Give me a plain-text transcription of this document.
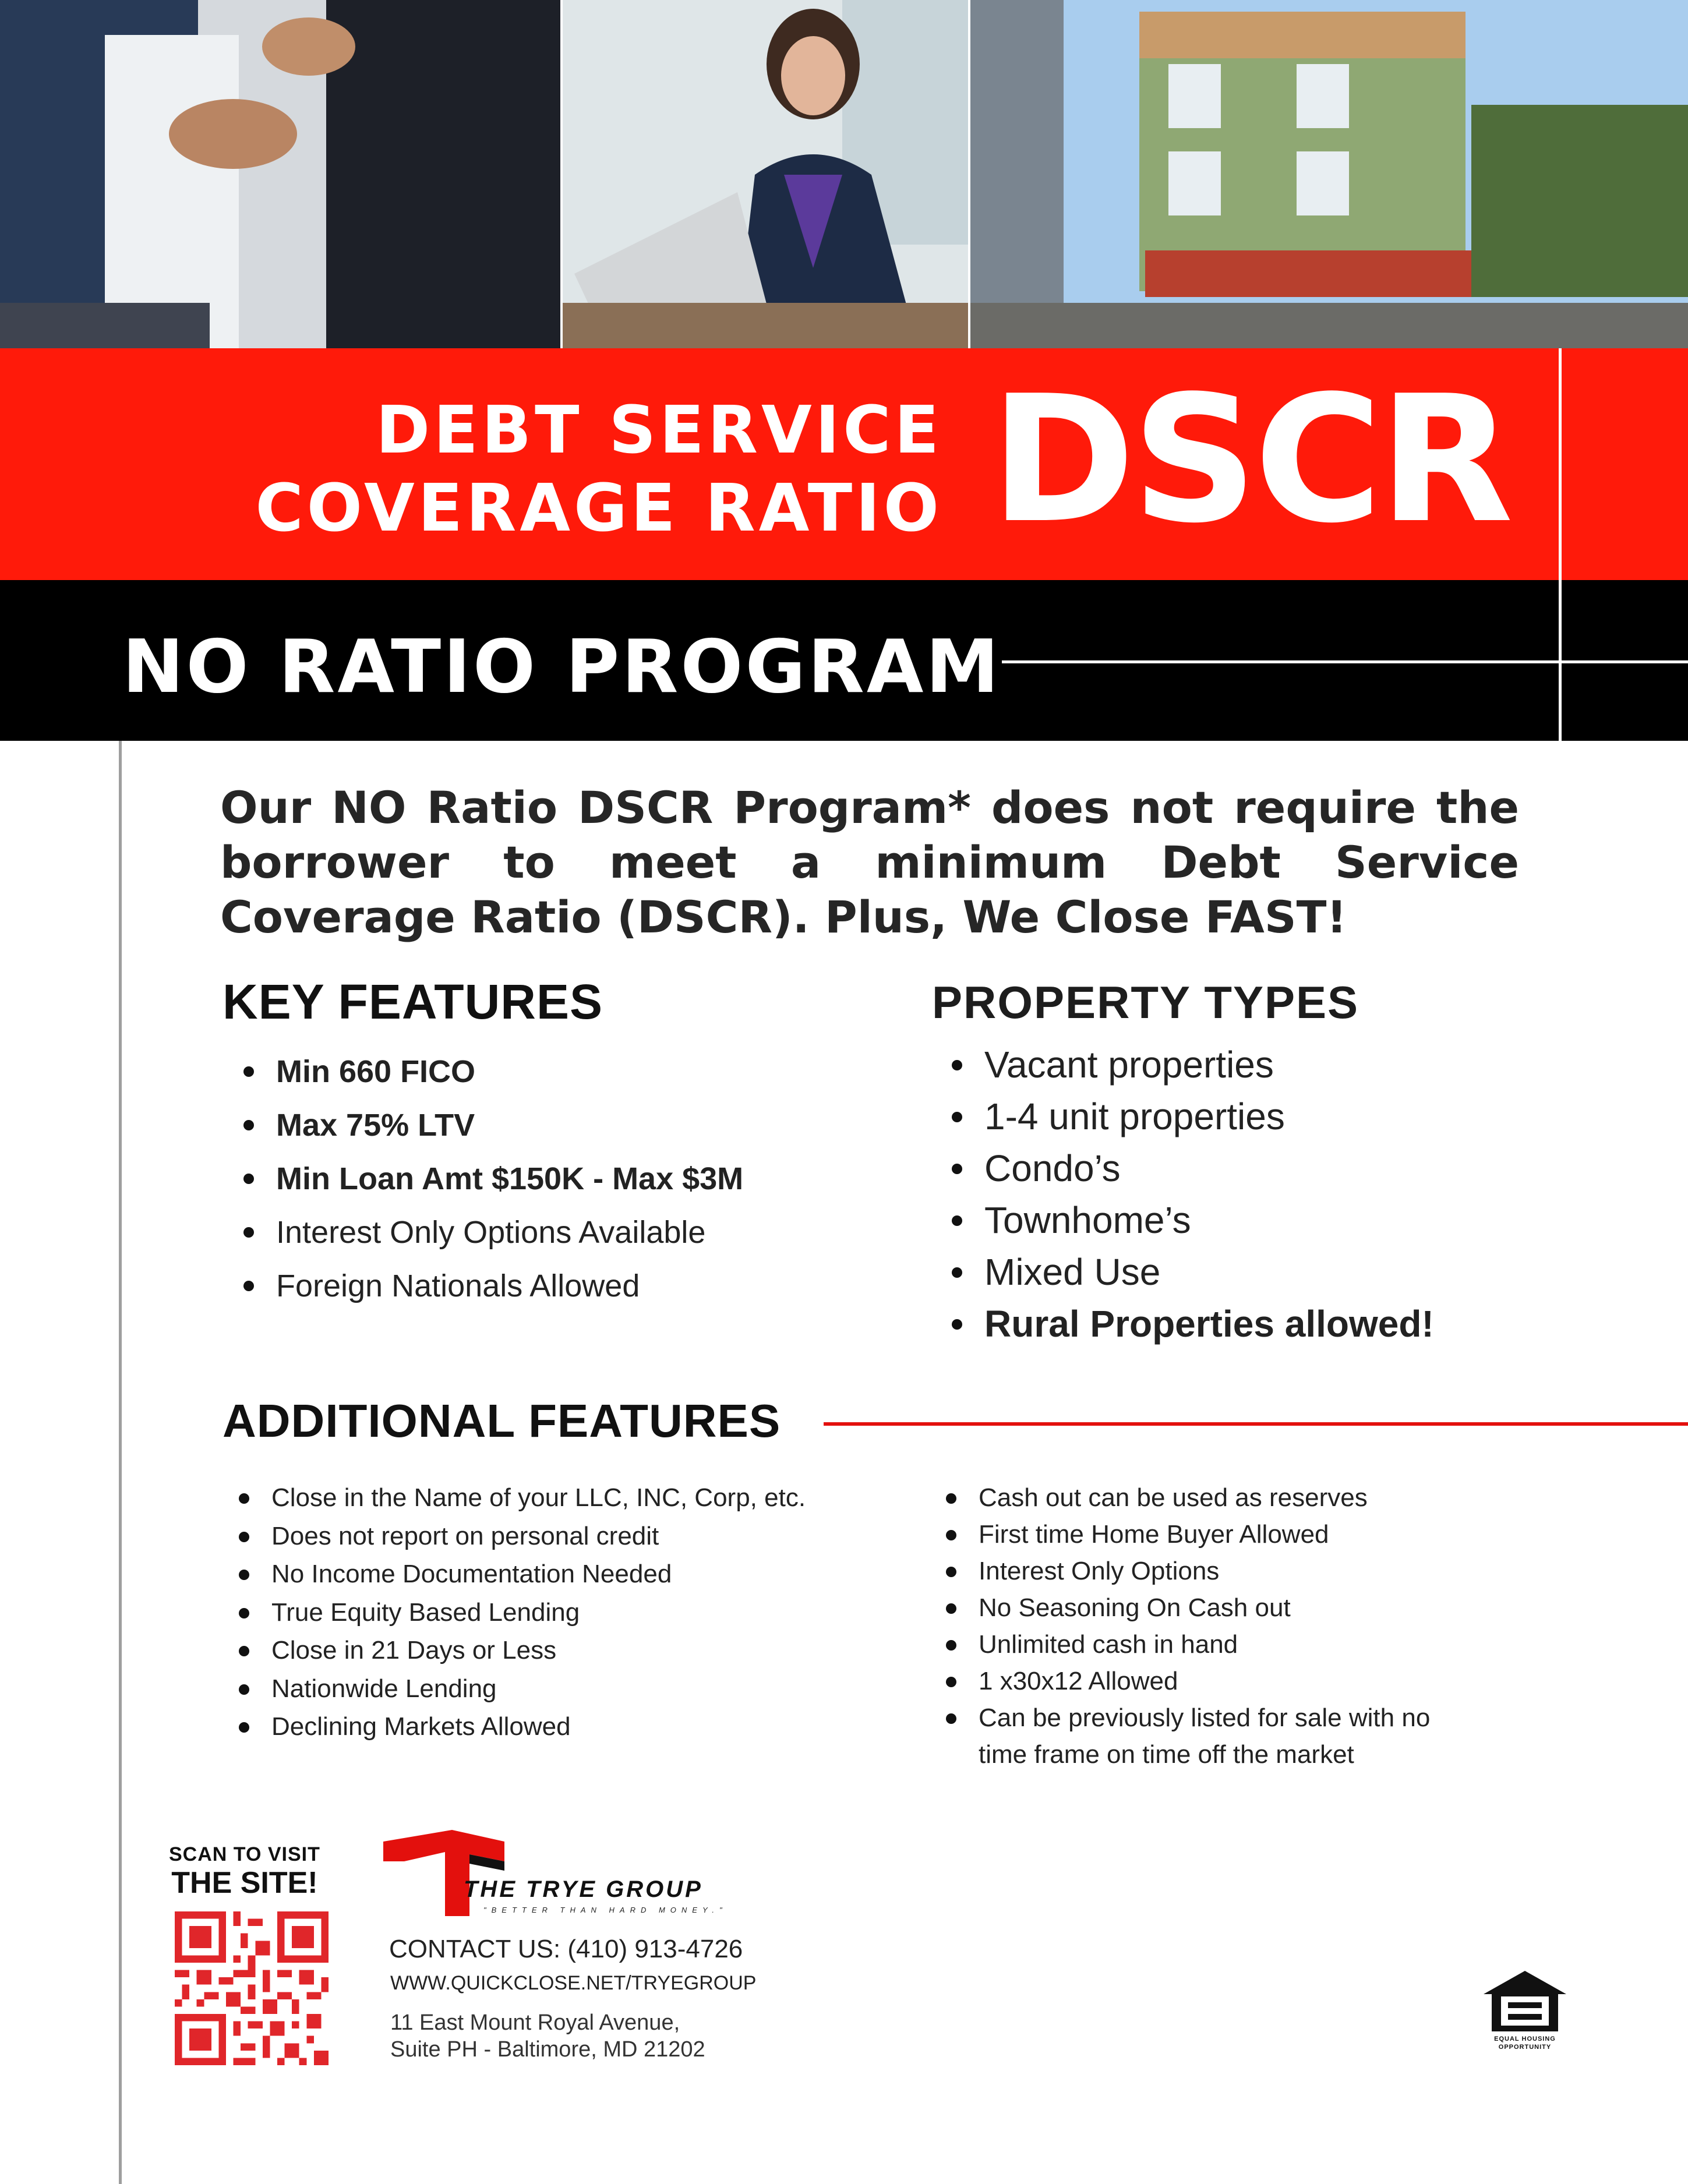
DEBT SERVICE
COVERAGE RATIO DSCR
NO RATIO PROGRAM
Our NO Ratio DSCR Program* does not require the borrower to meet a minimum Debt Service Coverage Ratio (DSCR). Plus, We Close FAST!
KEY FEATURES
Min 660 FICO
Max 75% LTV
Min Loan Amt $150K - Max $3M
Interest Only Options Available
Foreign Nationals Allowed
PROPERTY TYPES
Vacant properties
1-4 unit properties
Condo’s
Townhome’s
Mixed Use
Rural Properties allowed!
ADDITIONAL FEATURES
Close in the Name of your LLC, INC, Corp, etc.
Does not report on personal credit
No Income Documentation Needed
True Equity Based Lending
Close in 21 Days or Less
Nationwide Lending
Declining Markets Allowed
Cash out can be used as reserves
First time Home Buyer Allowed
Interest Only Options
No Seasoning On Cash out
Unlimited cash in hand
1 x30x12 Allowed
Can be previously listed for sale with no time frame on time off the market
SCAN TO VISIT
THE SITE!	THE TRYE GROUP
"BETTER THAN HARD MONEY."
CONTACT US: (410) 913-4726
WWW.QUICKCLOSE.NET/TRYEGROUP
11 East Mount Royal Avenue,
Suite PH - Baltimore, MD 21202	EQUAL HOUSING
OPPORTUNITY
